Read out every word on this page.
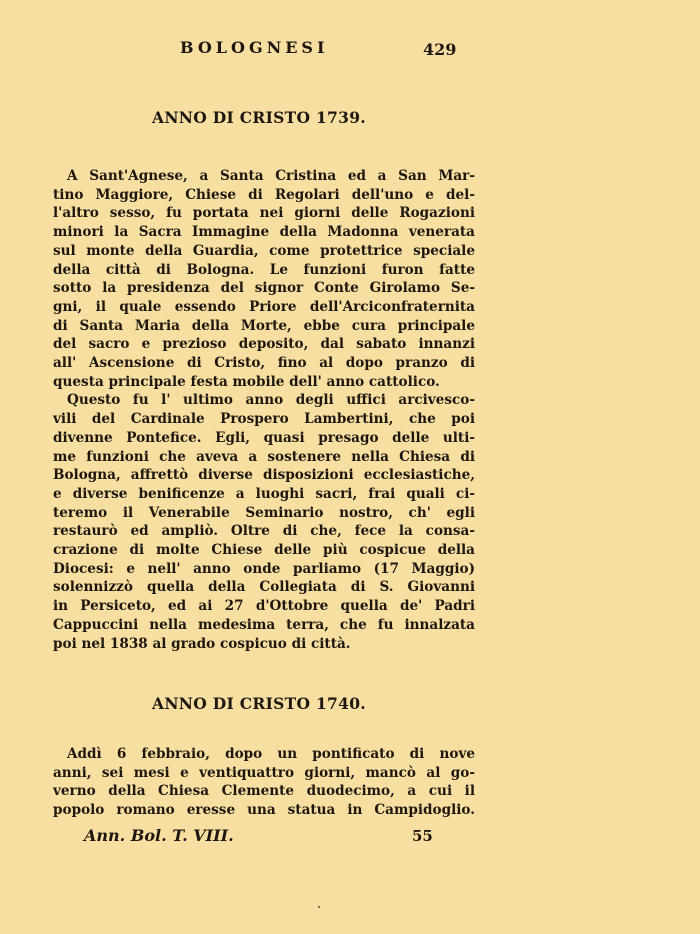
BOLOGNESI	429
ANNO DI CRISTO 1739.
A Sant'Agnese, a Santa Cristina ed a San Mar-
tino Maggiore, Chiese di Regolari dell'uno e del-
l'altro sesso, fu portata nei giorni delle Rogazioni
minori la Sacra Immagine della Madonna venerata
sul monte della Guardia, come protettrice speciale
della città di Bologna. Le funzioni furon fatte
sotto la presidenza del signor Conte Girolamo Se-
gni, il quale essendo Priore dell'Arciconfraternita
di Santa Maria della Morte, ebbe cura principale
del sacro e prezioso deposito, dal sabato innanzi
all' Ascensione di Cristo, fino al dopo pranzo di
questa principale festa mobile dell' anno cattolico.
Questo fu l' ultimo anno degli uffici arcivesco-
vili del Cardinale Prospero Lambertini, che poi
divenne Pontefice. Egli, quasi presago delle ulti-
me funzioni che aveva a sostenere nella Chiesa di
Bologna, affrettò diverse disposizioni ecclesiastiche,
e diverse benificenze a luoghi sacri, frai quali ci-
teremo il Venerabile Seminario nostro, ch' egli
restaurò ed ampliò. Oltre di che, fece la consa-
crazione di molte Chiese delle più cospicue della
Diocesi: e nell' anno onde parliamo (17 Maggio)
solennizzò quella della Collegiata di S. Giovanni
in Persiceto, ed ai 27 d'Ottobre quella de' Padri
Cappuccini nella medesima terra, che fu innalzata
poi nel 1838 al grado cospicuo di città.
ANNO DI CRISTO 1740.
Addì 6 febbraio, dopo un pontificato di nove
anni, sei mesi e ventiquattro giorni, mancò al go-
verno della Chiesa Clemente duodecimo, a cui il
popolo romano eresse una statua in Campidoglio.
Ann. Bol. T. VIII.	55
